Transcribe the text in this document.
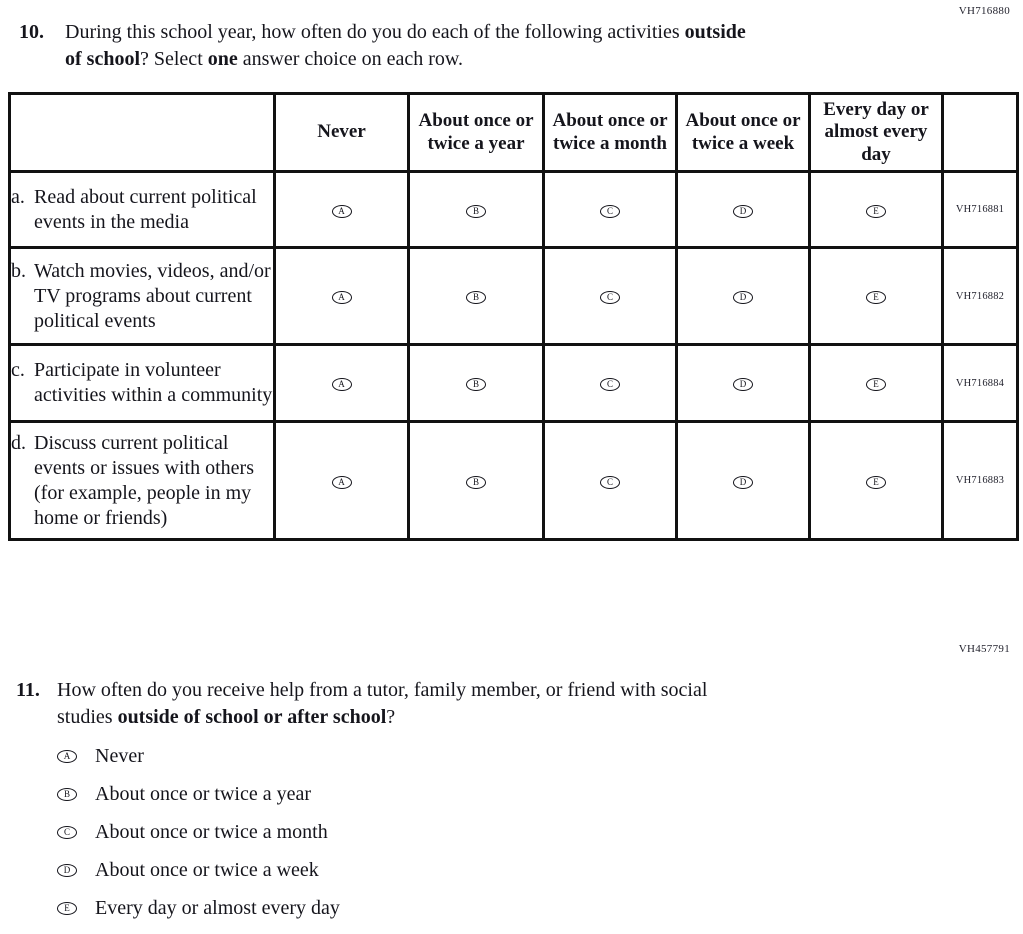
VH716880
10.	During this school year, how often do you do each of the following activities outside
of school? Select one answer choice on each row.
	Never	About once or twice a year	About once or twice a month	About once or twice a week	Every day or almost every day	

a. Read about current political events in the media	A	B	C	D	E	VH716881

b. Watch movies, videos, and/or TV programs about current political events	A	B	C	D	E	VH716882

c. Participate in volunteer activities within a community	A	B	C	D	E	VH716884

d. Discuss current political events or issues with others (for example, people in my home or friends)	A	B	C	D	E	VH716883
VH457791
11. How often do you receive help from a tutor, family member, or friend with social
studies outside of school or after school?
A	Never
B	About once or twice a year
C	About once or twice a month
D	About once or twice a week
E	Every day or almost every day
